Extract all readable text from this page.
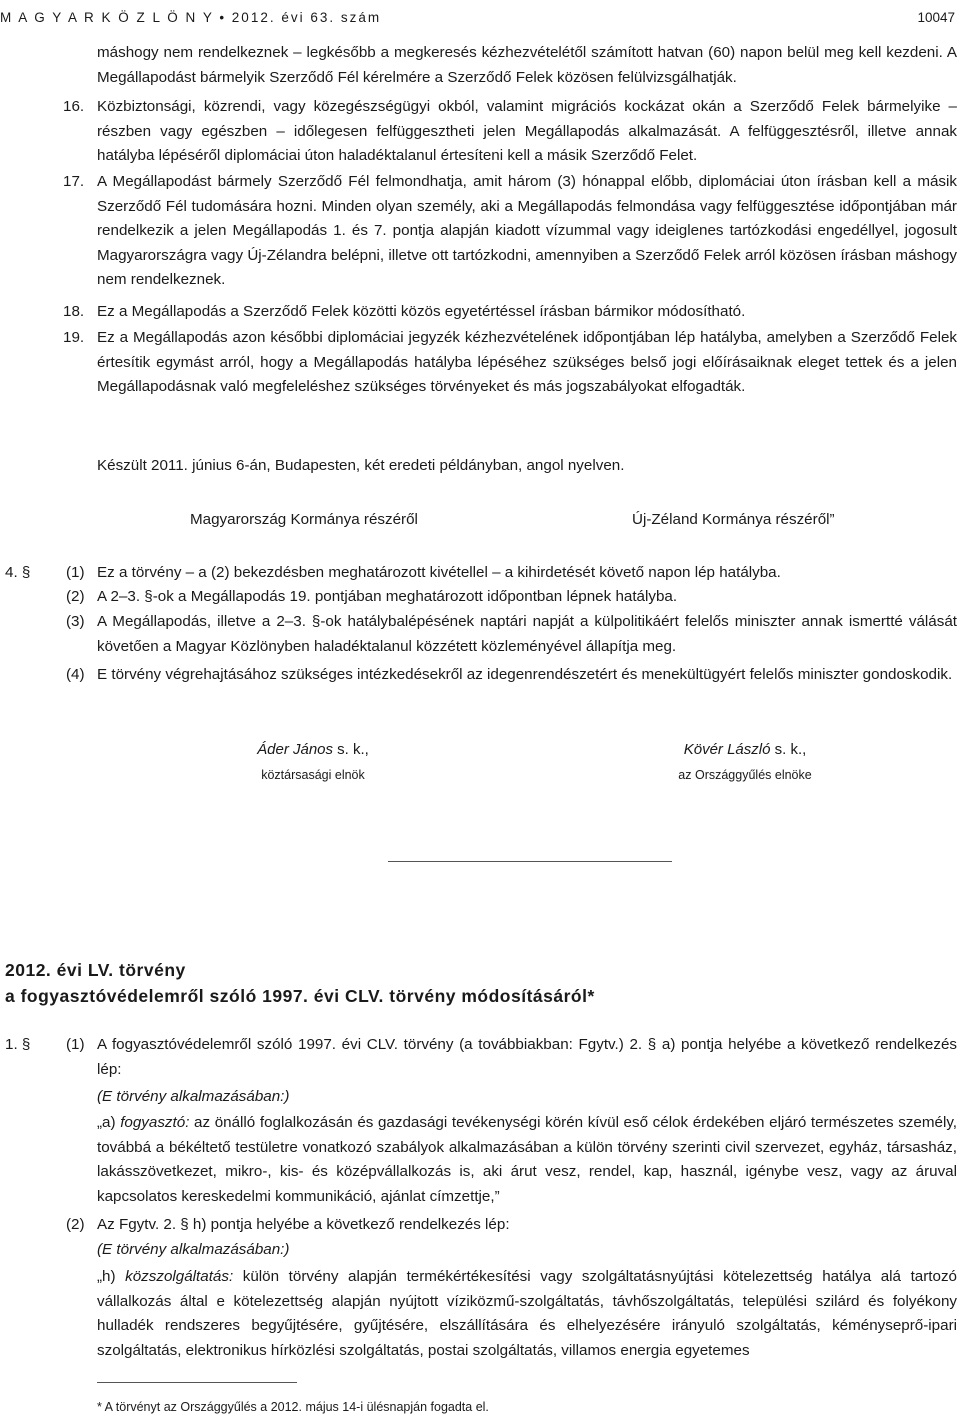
M A G Y A R K Ö Z L Ö N Y • 2012. évi 63. szám	10047

máshogy nem rendelkeznek – legkésőbb a megkeresés kézhezvételétől számított hatvan (60) napon belül meg kell kezdeni. A Megállapodást bármelyik Szerződő Fél kérelmére a Szerződő Felek közösen felülvizsgálhatják.

16. Közbiztonsági, közrendi, vagy közegészségügyi okból, valamint migrációs kockázat okán a Szerződő Felek bármelyike – részben vagy egészben – időlegesen felfüggesztheti jelen Megállapodás alkalmazását. A felfüggesztésről, illetve annak hatályba lépéséről diplomáciai úton haladéktalanul értesíteni kell a másik Szerződő Felet.

17. A Megállapodást bármely Szerződő Fél felmondhatja, amit három (3) hónappal előbb, diplomáciai úton írásban kell a másik Szerződő Fél tudomására hozni. Minden olyan személy, aki a Megállapodás felmondása vagy felfüggesztése időpontjában már rendelkezik a jelen Megállapodás 1. és 7. pontja alapján kiadott vízummal vagy ideiglenes tartózkodási engedéllyel, jogosult Magyarországra vagy Új-Zélandra belépni, illetve ott tartózkodni, amennyiben a Szerződő Felek arról közösen írásban máshogy nem rendelkeznek.

18. Ez a Megállapodás a Szerződő Felek közötti közös egyetértéssel írásban bármikor módosítható.

19. Ez a Megállapodás azon későbbi diplomáciai jegyzék kézhezvételének időpontjában lép hatályba, amelyben a Szerződő Felek értesítik egymást arról, hogy a Megállapodás hatályba lépéséhez szükséges belső jogi előírásaiknak eleget tettek és a jelen Megállapodásnak való megfeleléshez szükséges törvényeket és más jogszabályokat elfogadták.

Készült 2011. június 6-án, Budapesten, két eredeti példányban, angol nyelven.

Magyarország Kormánya részéről	Új-Zéland Kormánya részéről”
4. § (1) Ez a törvény – a (2) bekezdésben meghatározott kivétellel – a kihirdetését követő napon lép hatályba.

(2) A 2–3. §-ok a Megállapodás 19. pontjában meghatározott időpontban lépnek hatályba.

(3) A Megállapodás, illetve a 2–3. §-ok hatálybalépésének naptári napját a külpolitikáért felelős miniszter annak ismertté válását követően a Magyar Közlönyben haladéktalanul közzétett közleményével állapítja meg.

(4) E törvény végrehajtásához szükséges intézkedésekről az idegenrendészetért és menekültügyért felelős miniszter gondoskodik.

Áder János s. k.,
köztársasági elnök
Kövér László s. k.,
az Országgyűlés elnöke
2012. évi LV. törvény
a fogyasztóvédelemről szóló 1997. évi CLV. törvény módosításáról*
1. § (1) A fogyasztóvédelemről szóló 1997. évi CLV. törvény (a továbbiakban: Fgytv.) 2. § a) pontja helyébe a következő rendelkezés lép:

(E törvény alkalmazásában:)

„a) fogyasztó: az önálló foglalkozásán és gazdasági tevékenységi körén kívül eső célok érdekében eljáró természetes személy, továbbá a békéltető testületre vonatkozó szabályok alkalmazásában a külön törvény szerinti civil szervezet, egyház, társasház, lakásszövetkezet, mikro-, kis- és középvállalkozás is, aki árut vesz, rendel, kap, használ, igénybe vesz, vagy az áruval kapcsolatos kereskedelmi kommunikáció, ajánlat címzettje,”

(2) Az Fgytv. 2. § h) pontja helyébe a következő rendelkezés lép:

(E törvény alkalmazásában:)

„h) közszolgáltatás: külön törvény alapján termékértékesítési vagy szolgáltatásnyújtási kötelezettség hatálya alá tartozó vállalkozás által e kötelezettség alapján nyújtott víziközmű-szolgáltatás, távhőszolgáltatás, települési szilárd és folyékony hulladék rendszeres begyűjtésére, gyűjtésére, elszállítására és elhelyezésére irányuló szolgáltatás, kéményseprő-ipari szolgáltatás, elektronikus hírközlési szolgáltatás, postai szolgáltatás, villamos energia egyetemes

* A törvényt az Országgyűlés a 2012. május 14-i ülésnapján fogadta el.
